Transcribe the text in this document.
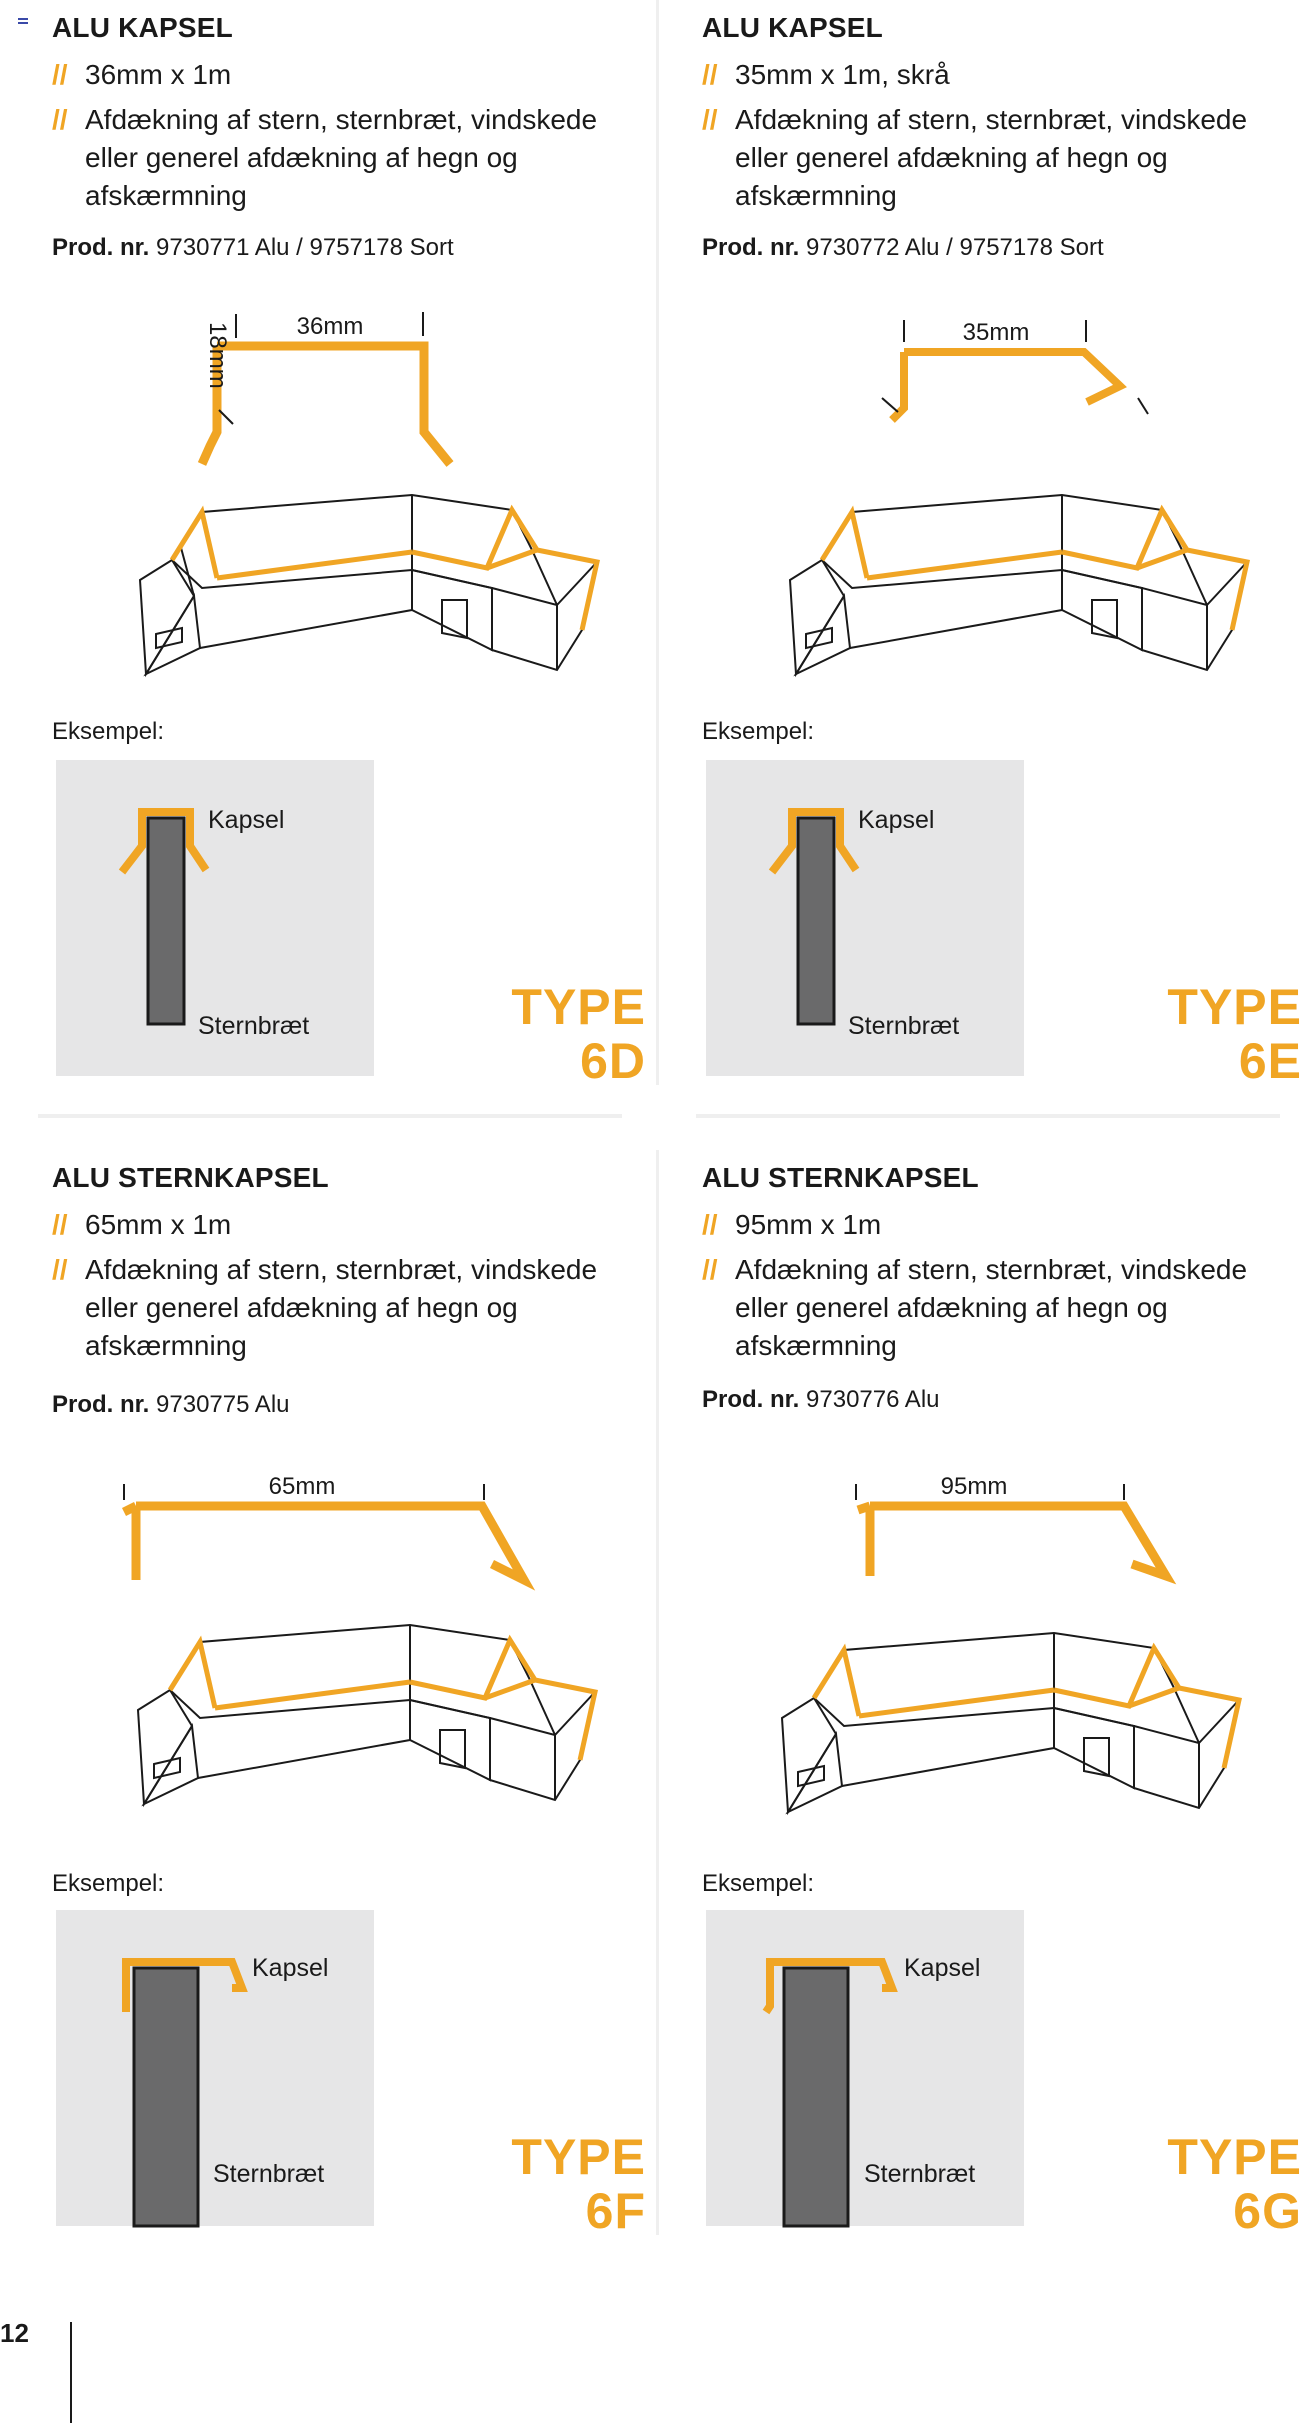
ALU KAPSEL
// 36mm x 1m
// Afdækning af stern, sternbræt, vindskede eller generel afdækning af hegn og afskærmning
Prod. nr. 9730771 Alu / 9757178 Sort
36mm
18mm
Eksempel:
Kapsel
Sternbræt	TYPE
6D
ALU KAPSEL
// 35mm x 1m, skrå
// Afdækning af stern, sternbræt, vindskede eller generel afdækning af hegn og afskærmning
Prod. nr. 9730772 Alu / 9757178 Sort
35mm
Eksempel:
Kapsel
Sternbræt	TYPE
6E
ALU STERNKAPSEL
// 65mm x 1m
// Afdækning af stern, sternbræt, vindskede eller generel afdækning af hegn og afskærmning
Prod. nr. 9730775 Alu
65mm
Eksempel:
Kapsel
Sternbræt	TYPE
6F
ALU STERNKAPSEL
// 95mm x 1m
// Afdækning af stern, sternbræt, vindskede eller generel afdækning af hegn og afskærmning
Prod. nr. 9730776 Alu
95mm
Eksempel:
Kapsel
Sternbræt	TYPE
6G
12
